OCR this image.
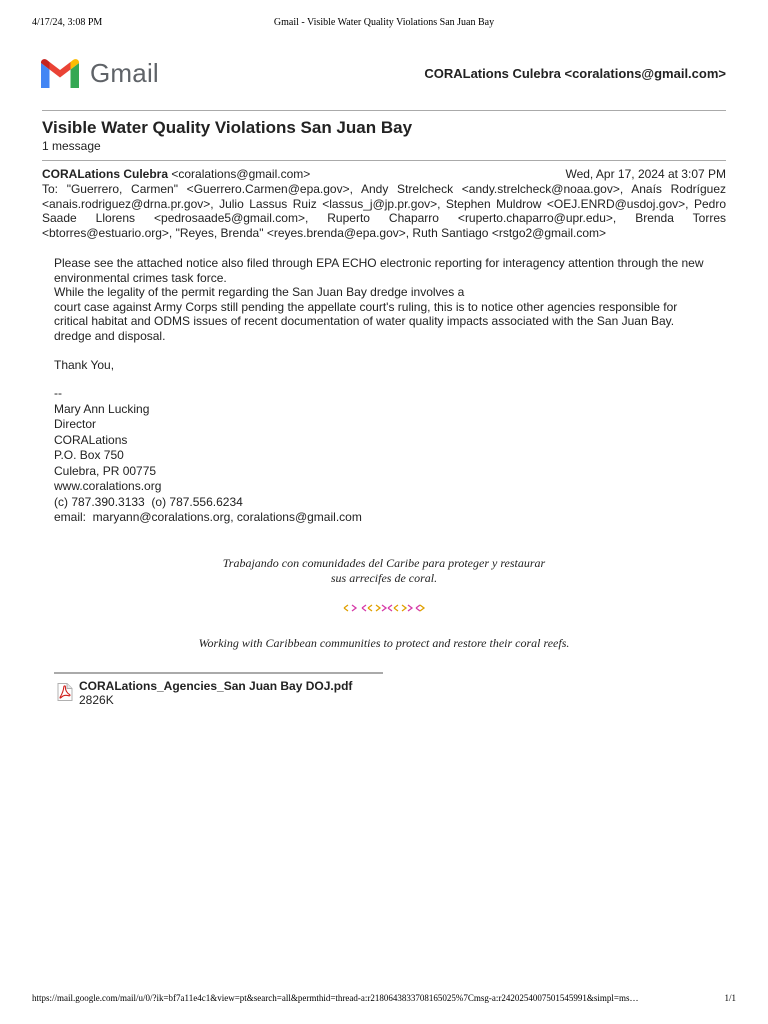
4/17/24, 3:08 PM	Gmail - Visible Water Quality Violations San Juan Bay
Gmail	CORALations Culebra <coralations@gmail.com>
Visible Water Quality Violations San Juan Bay
1 message
CORALations Culebra <coralations@gmail.com>	Wed, Apr 17, 2024 at 3:07 PM
To: "Guerrero, Carmen" <Guerrero.Carmen@epa.gov>, Andy Strelcheck <andy.strelcheck@noaa.gov>, Anaís Rodríguez <anais.rodriguez@drna.pr.gov>, Julio Lassus Ruiz <lassus_j@jp.pr.gov>, Stephen Muldrow <OEJ.ENRD@usdoj.gov>, Pedro Saade Llorens <pedrosaade5@gmail.com>, Ruperto Chaparro <ruperto.chaparro@upr.edu>, Brenda Torres <btorres@estuario.org>, "Reyes, Brenda" <reyes.brenda@epa.gov>, Ruth Santiago <rstgo2@gmail.com>

Please see the attached notice also filed through EPA ECHO electronic reporting for interagency attention through the new environmental crimes task force.

While the legality of the permit regarding the San Juan Bay dredge involves a

court case against Army Corps still pending the appellate court's ruling, this is to notice other agencies responsible for critical habitat and ODMS issues of recent documentation of water quality impacts associated with the San Juan Bay. dredge and disposal.

Thank You,

--
Mary Ann Lucking
Director
CORALations
P.O. Box 750
Culebra, PR 00775
www.coralations.org
(c) 787.390.3133  (o) 787.556.6234
email:  maryann@coralations.org, coralations@gmail.com
Trabajando con comunidades del Caribe para proteger y restaurar
sus arrecifes de coral.
Working with Caribbean communities to protect and restore their coral reefs.
CORALations_Agencies_San Juan Bay DOJ.pdf
2826K
https://mail.google.com/mail/u/0/?ik=bf7a11e4c1&view=pt&search=all&permthid=thread-a:r2180643833708165025%7Cmsg-a:r2420254007501545991&simpl=ms…	1/1
